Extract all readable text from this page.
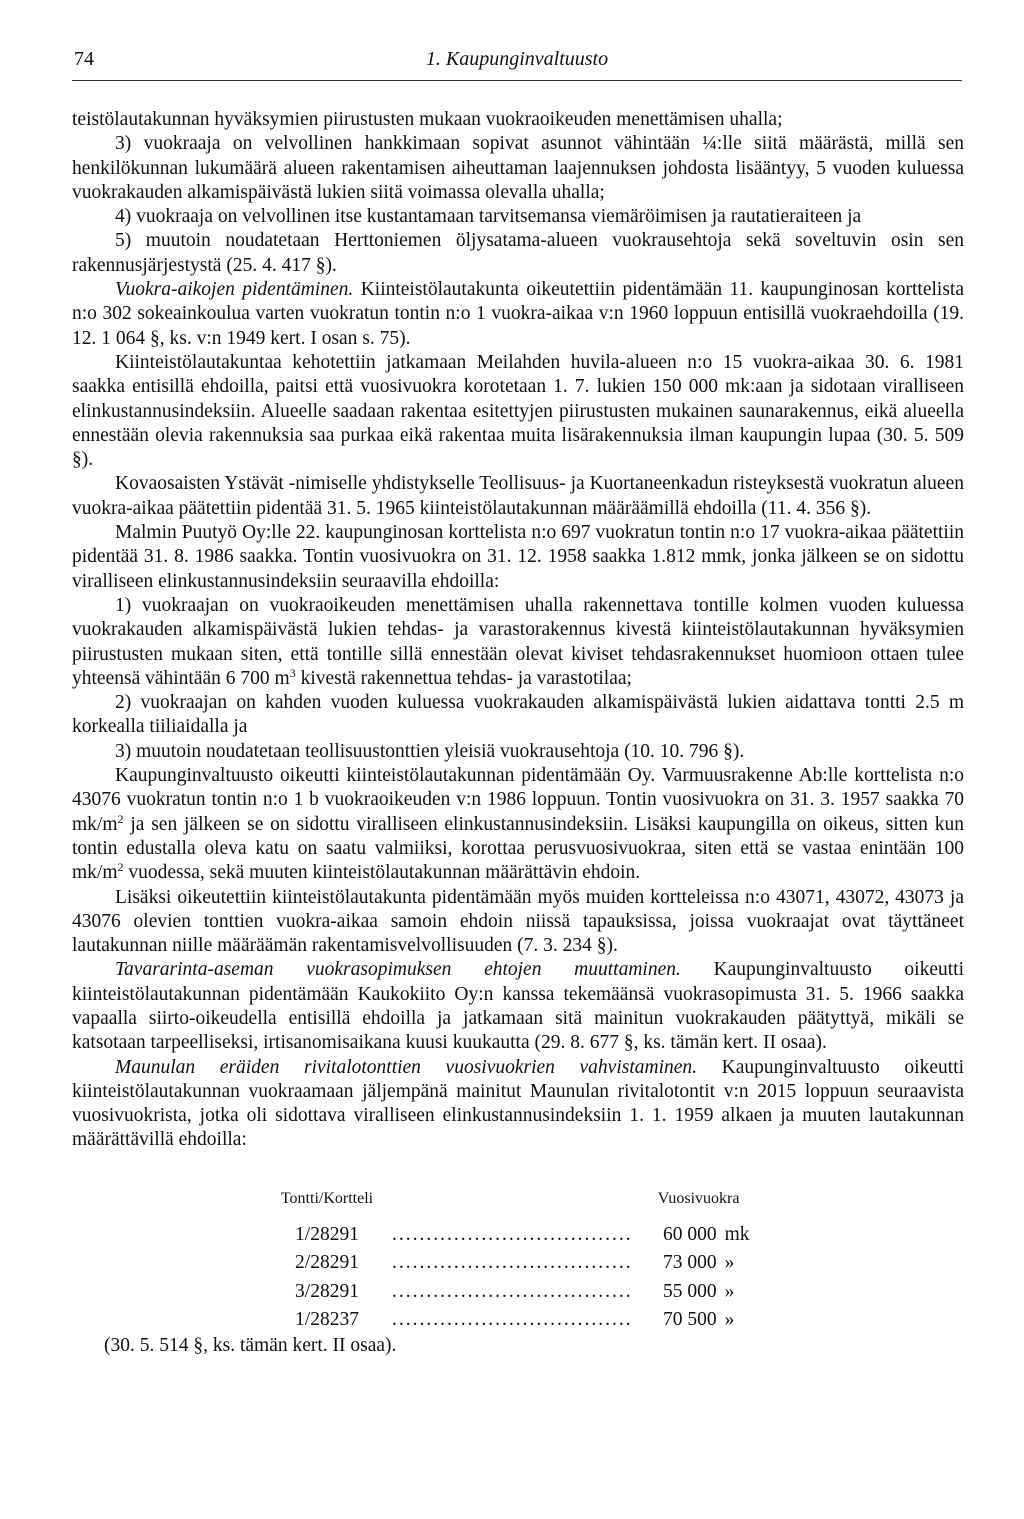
74	1. Kaupunginvaltuusto

teistölautakunnan hyväksymien piirustusten mukaan vuokraoikeuden menettämisen uhalla;

3) vuokraaja on velvollinen hankkimaan sopivat asunnot vähintään ¼:lle siitä määrästä, millä sen henkilökunnan lukumäärä alueen rakentamisen aiheuttaman laajennuksen johdosta lisääntyy, 5 vuoden kuluessa vuokrakauden alkamispäivästä lukien siitä voimassa olevalla uhalla;

4) vuokraaja on velvollinen itse kustantamaan tarvitsemansa viemäröimisen ja rautatieraiteen ja

5) muutoin noudatetaan Herttoniemen öljysatama-alueen vuokrausehtoja sekä soveltuvin osin sen rakennusjärjestystä (25. 4. 417 §).

Vuokra-aikojen pidentäminen. Kiinteistölautakunta oikeutettiin pidentämään 11. kaupunginosan korttelista n:o 302 sokeainkoulua varten vuokratun tontin n:o 1 vuokra-aikaa v:n 1960 loppuun entisillä vuokraehdoilla (19. 12. 1 064 §, ks. v:n 1949 kert. I osan s. 75).

Kiinteistölautakuntaa kehotettiin jatkamaan Meilahden huvila-alueen n:o 15 vuokra-aikaa 30. 6. 1981 saakka entisillä ehdoilla, paitsi että vuosivuokra korotetaan 1. 7. lukien 150 000 mk:aan ja sidotaan viralliseen elinkustannusindeksiin. Alueelle saadaan rakentaa esitettyjen piirustusten mukainen saunarakennus, eikä alueella ennestään olevia rakennuksia saa purkaa eikä rakentaa muita lisärakennuksia ilman kaupungin lupaa (30. 5. 509 §).

Kovaosaisten Ystävät -nimiselle yhdistykselle Teollisuus- ja Kuortaneenkadun risteyksestä vuokratun alueen vuokra-aikaa päätettiin pidentää 31. 5. 1965 kiinteistölautakunnan määräämillä ehdoilla (11. 4. 356 §).

Malmin Puutyö Oy:lle 22. kaupunginosan korttelista n:o 697 vuokratun tontin n:o 17 vuokra-aikaa päätettiin pidentää 31. 8. 1986 saakka. Tontin vuosivuokra on 31. 12. 1958 saakka 1.812 mmk, jonka jälkeen se on sidottu viralliseen elinkustannusindeksiin seuraavilla ehdoilla:

1) vuokraajan on vuokraoikeuden menettämisen uhalla rakennettava tontille kolmen vuoden kuluessa vuokrakauden alkamispäivästä lukien tehdas- ja varastorakennus kivestä kiinteistölautakunnan hyväksymien piirustusten mukaan siten, että tontille sillä ennestään olevat kiviset tehdasrakennukset huomioon ottaen tulee yhteensä vähintään 6 700 $m^3$ kivestä rakennettua tehdas- ja varastotilaa;

2) vuokraajan on kahden vuoden kuluessa vuokrakauden alkamispäivästä lukien aidattava tontti 2.5 m korkealla tiiliaidalla ja

3) muutoin noudatetaan teollisuustonttien yleisiä vuokrausehtoja (10. 10. 796 §).

Kaupunginvaltuusto oikeutti kiinteistölautakunnan pidentämään Oy. Varmuusrakenne Ab:lle korttelista n:o 43076 vuokratun tontin n:o 1 b vuokraoikeuden v:n 1986 loppuun. Tontin vuosivuokra on 31. 3. 1957 saakka 70 $mk/m^2$ ja sen jälkeen se on sidottu viralliseen elinkustannusindeksiin. Lisäksi kaupungilla on oikeus, sitten kun tontin edustalla oleva katu on saatu valmiiksi, korottaa perusvuosivuokraa, siten että se vastaa enintään 100 $mk/m^2$ vuodessa, sekä muuten kiinteistölautakunnan määrättävin ehdoin.

Lisäksi oikeutettiin kiinteistölautakunta pidentämään myös muiden kortteleissa n:o 43071, 43072, 43073 ja 43076 olevien tonttien vuokra-aikaa samoin ehdoin niissä tapauksissa, joissa vuokraajat ovat täyttäneet lautakunnan niille määräämän rakentamisvelvollisuuden (7. 3. 234 §).

Tavararinta-aseman vuokrasopimuksen ehtojen muuttaminen. Kaupunginvaltuusto oikeutti kiinteistölautakunnan pidentämään Kaukokiito Oy:n kanssa tekemäänsä vuokrasopimusta 31. 5. 1966 saakka vapaalla siirto-oikeudella entisillä ehdoilla ja jatkamaan sitä mainitun vuokrakauden päätyttyä, mikäli se katsotaan tarpeelliseksi, irtisanomisaikana kuusi kuukautta (29. 8. 677 §, ks. tämän kert. II osaa).

Maunulan eräiden rivitalotonttien vuosivuokrien vahvistaminen. Kaupunginvaltuusto oikeutti kiinteistölautakunnan vuokraamaan jäljempänä mainitut Maunulan rivitalotontit v:n 2015 loppuun seuraavista vuosivuokrista, jotka oli sidottava viralliseen elinkustannusindeksiin 1. 1. 1959 alkaen ja muuten lautakunnan määrättävillä ehdoilla:

Tontti/Kortteli		Vuosivuokra	
1/28291	...................................	60 000	mk
2/28291	...................................	73 000	»
3/28291	...................................	55 000	»
1/28237	...................................	70 500	»

(30. 5. 514 §, ks. tämän kert. II osaa).
